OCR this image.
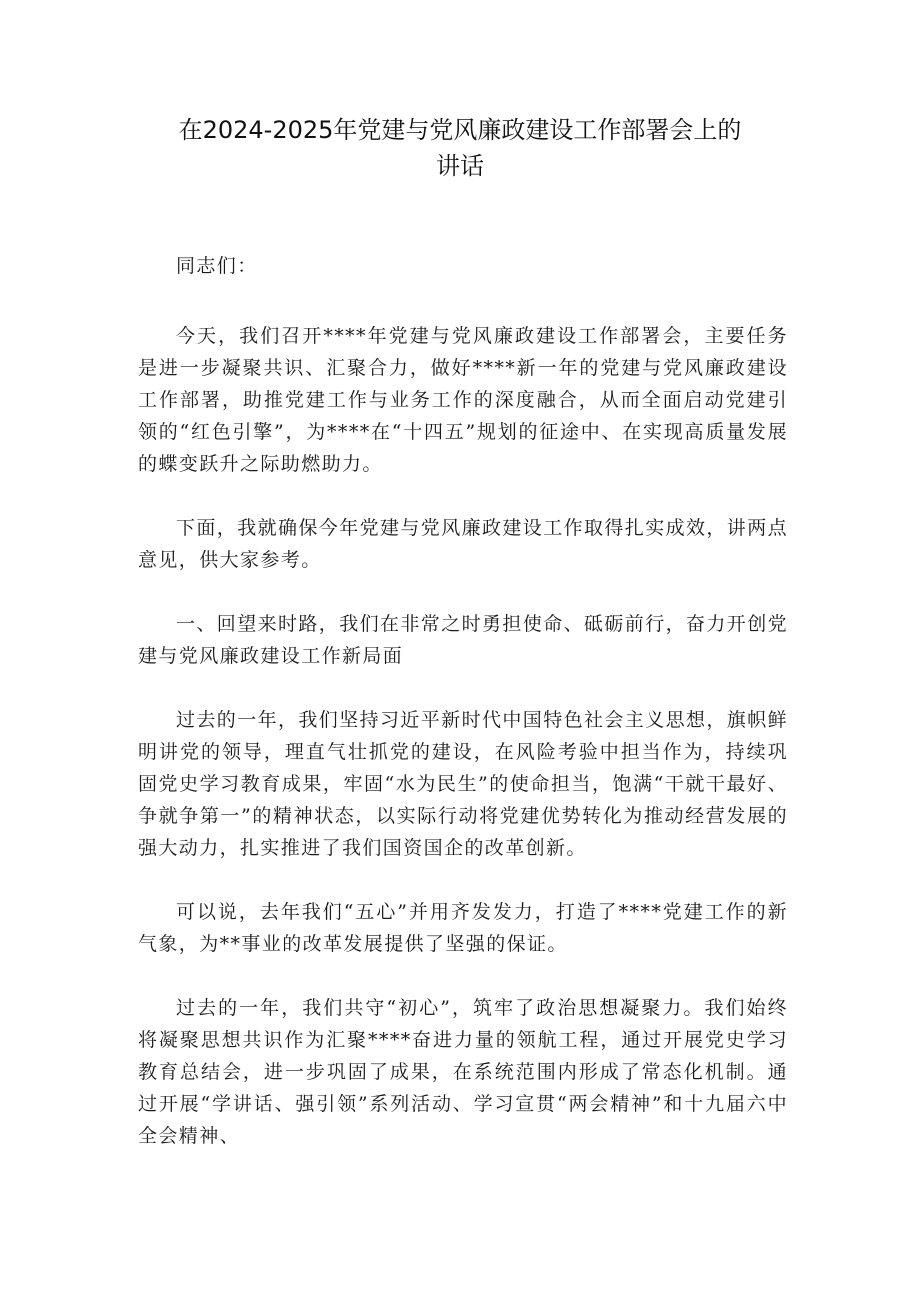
在2024-2025年党建与党风廉政建设工作部署会上的
讲话

同志们：

今天，我们召开****年党建与党风廉政建设工作部署会，主要任务是进一步凝聚共识、汇聚合力，做好****新一年的党建与党风廉政建设工作部署，助推党建工作与业务工作的深度融合，从而全面启动党建引领的“红色引擎”，为****在“十四五”规划的征途中、在实现高质量发展的蝶变跃升之际助燃助力。

下面，我就确保今年党建与党风廉政建设工作取得扎实成效，讲两点意见，供大家参考。

一、回望来时路，我们在非常之时勇担使命、砥砺前行，奋力开创党建与党风廉政建设工作新局面

过去的一年，我们坚持习近平新时代中国特色社会主义思想，旗帜鲜明讲党的领导，理直气壮抓党的建设，在风险考验中担当作为，持续巩固党史学习教育成果，牢固“水为民生”的使命担当，饱满“干就干最好、争就争第一”的精神状态，以实际行动将党建优势转化为推动经营发展的强大动力，扎实推进了我们国资国企的改革创新。

可以说，去年我们“五心”并用齐发发力，打造了****党建工作的新气象，为**事业的改革发展提供了坚强的保证。

过去的一年，我们共守“初心”，筑牢了政治思想凝聚力。我们始终将凝聚思想共识作为汇聚****奋进力量的领航工程，通过开展党史学习教育总结会，进一步巩固了成果，在系统范围内形成了常态化机制。通过开展“学讲话、强引领”系列活动、学习宣贯“两会精神”和十九届六中全会精神、
